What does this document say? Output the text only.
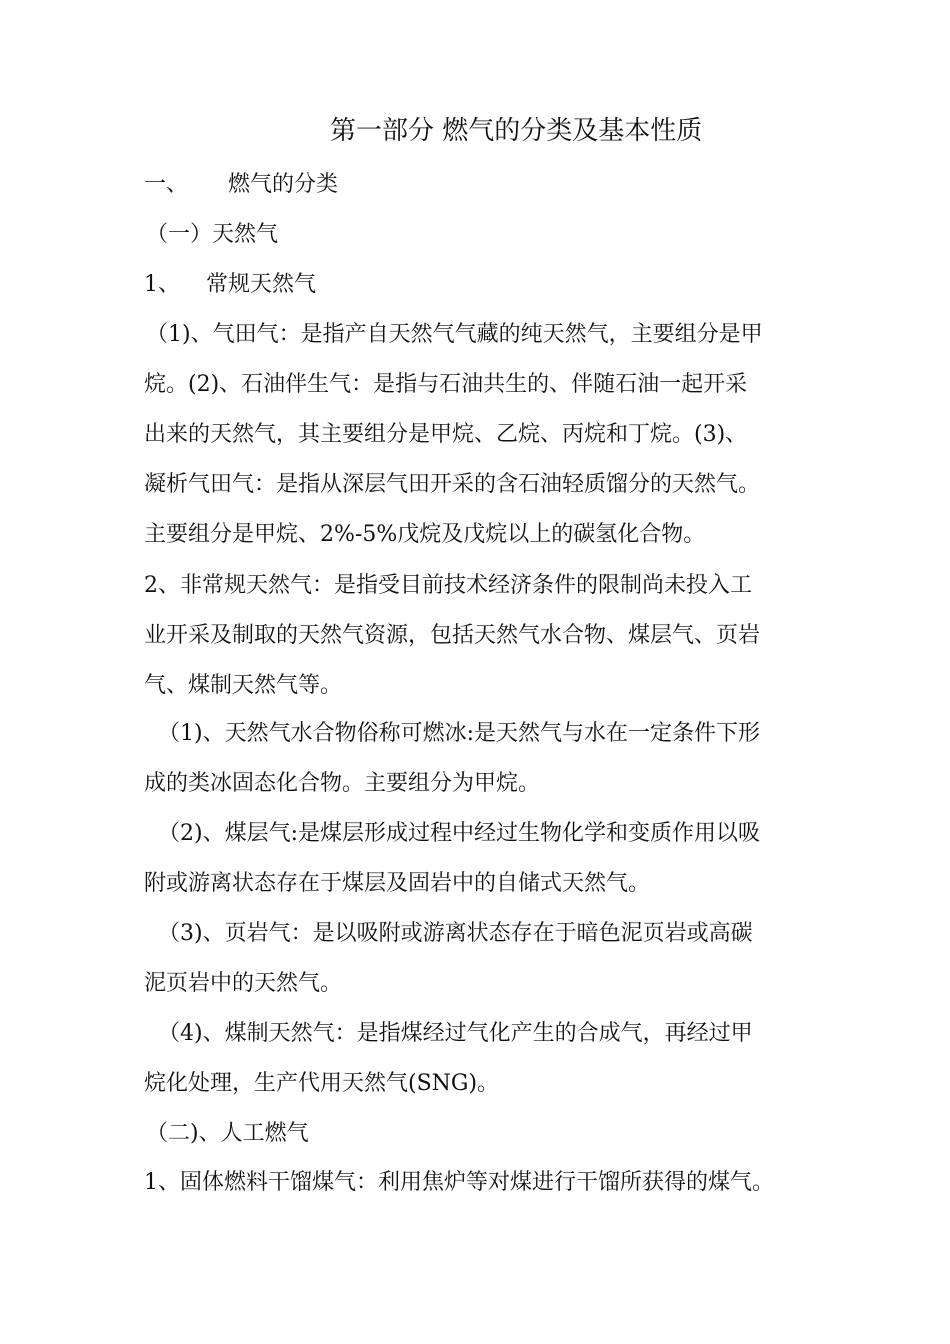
第一部分 燃气的分类及基本性质
一、 燃气的分类
（一）天然气
1、 常规天然气
（1)、气田气：是指产自天然气气藏的纯天然气，主要组分是甲
烷。(2)、石油伴生气：是指与石油共生的、伴随石油一起开采
出来的天然气，其主要组分是甲烷、乙烷、丙烷和丁烷。(3)、
凝析气田气：是指从深层气田开采的含石油轻质馏分的天然气。
主要组分是甲烷、2%-5%戊烷及戊烷以上的碳氢化合物。
2、非常规天然气：是指受目前技术经济条件的限制尚未投入工
业开采及制取的天然气资源，包括天然气水合物、煤层气、页岩
气、煤制天然气等。
（1)、天然气水合物俗称可燃冰:是天然气与水在一定条件下形
成的类冰固态化合物。主要组分为甲烷。
（2)、煤层气:是煤层形成过程中经过生物化学和变质作用以吸
附或游离状态存在于煤层及固岩中的自储式天然气。
（3)、页岩气：是以吸附或游离状态存在于暗色泥页岩或高碳
泥页岩中的天然气。
（4)、煤制天然气：是指煤经过气化产生的合成气，再经过甲
烷化处理，生产代用天然气(SNG)。
（二)、人工燃气
1、固体燃料干馏煤气：利用焦炉等对煤进行干馏所获得的煤气。
